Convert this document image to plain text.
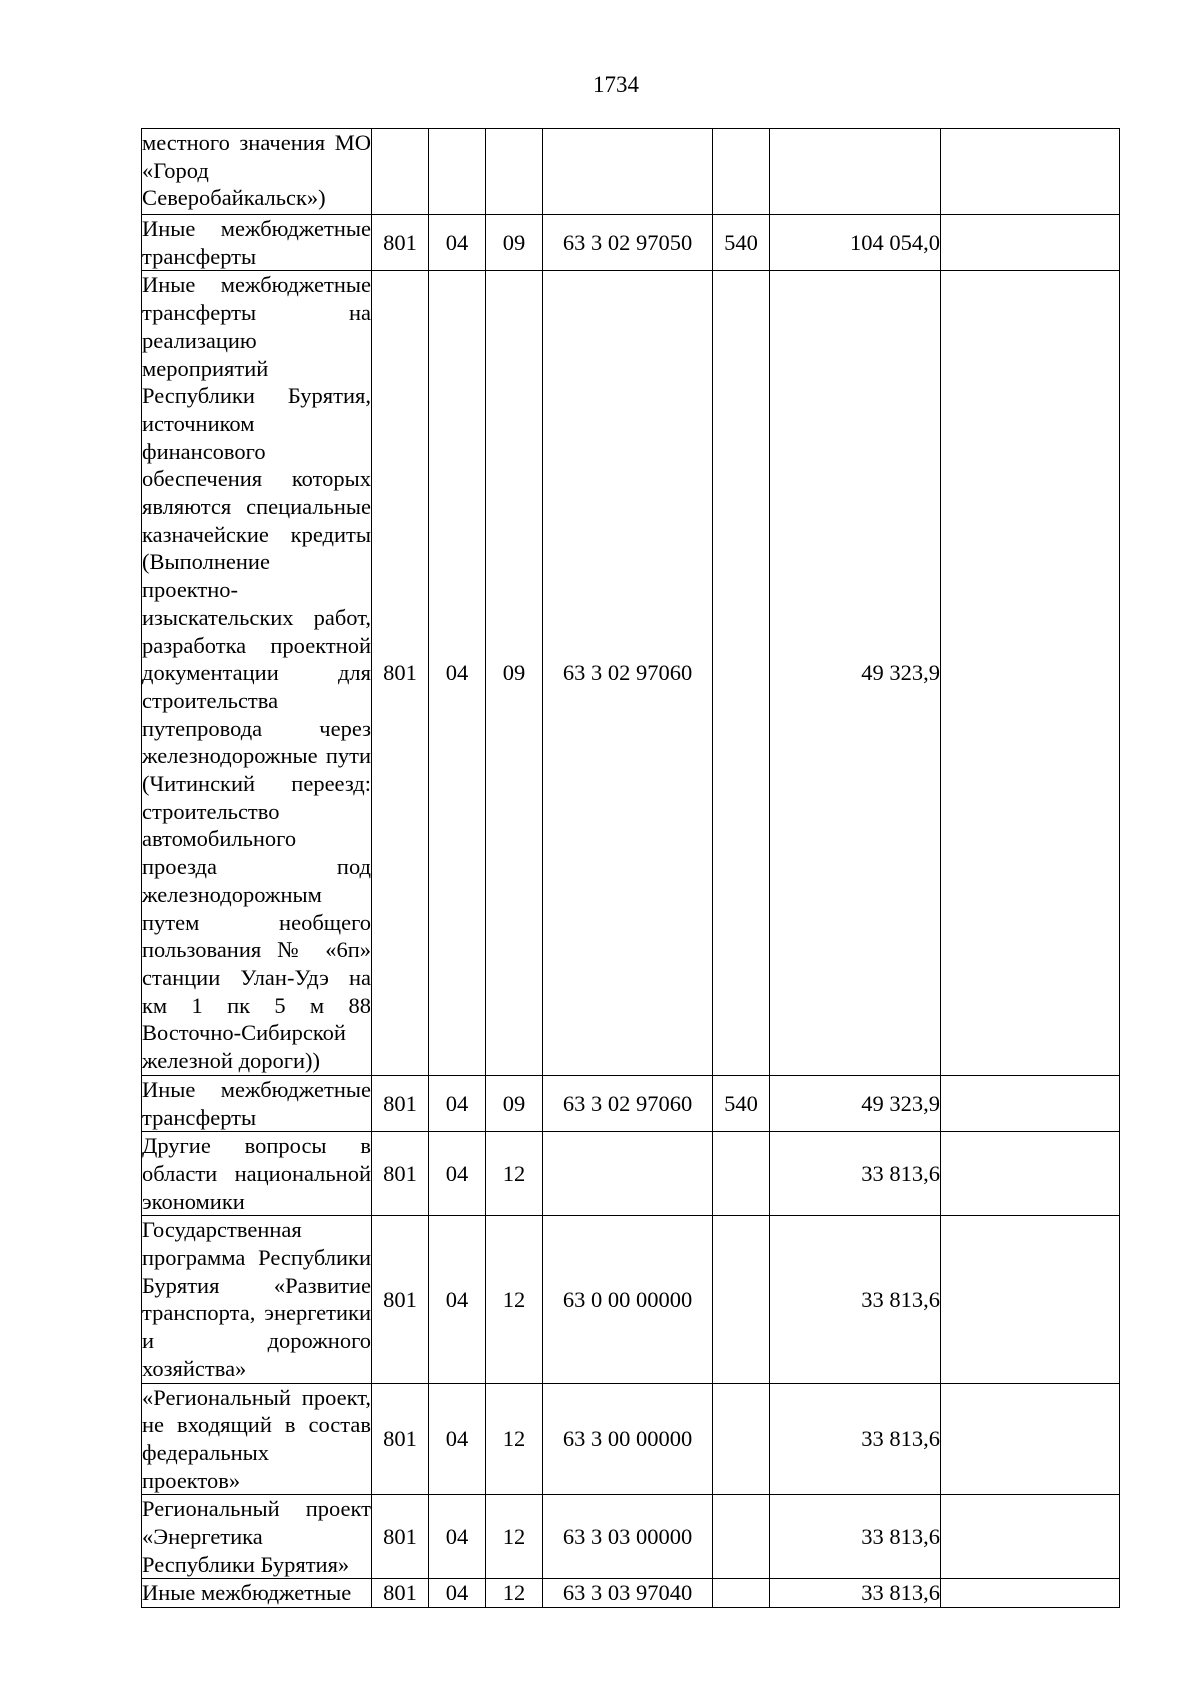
1734
местного значения МО «Город Северобайкальск»)							
Иные межбюджетные трансферты	801	04	09	63 3 02 97050	540	104 054,0	
Иные межбюджетные трансферты на реализацию мероприятий Республики Бурятия, источником финансового обеспечения которых являются специальные казначейские кредиты (Выполнение проектно-изыскательских работ, разработка проектной документации для строительства путепровода через железнодорожные пути (Читинский переезд: строительство автомобильного проезда под железнодорожным путем необщего пользования № «6п» станции Улан-Удэ на км 1 пк 5 м 88 Восточно-Сибирской железной дороги))	801	04	09	63 3 02 97060		49 323,9	
Иные межбюджетные трансферты	801	04	09	63 3 02 97060	540	49 323,9	
Другие вопросы в области национальной экономики	801	04	12			33 813,6	
Государственная программа Республики Бурятия «Развитие транспорта, энергетики и дорожного хозяйства»	801	04	12	63 0 00 00000		33 813,6	
«Региональный проект, не входящий в состав федеральных проектов»	801	04	12	63 3 00 00000		33 813,6	
Региональный проект «Энергетика Республики Бурятия»	801	04	12	63 3 03 00000		33 813,6	
Иные межбюджетные	801	04	12	63 3 03 97040		33 813,6	
